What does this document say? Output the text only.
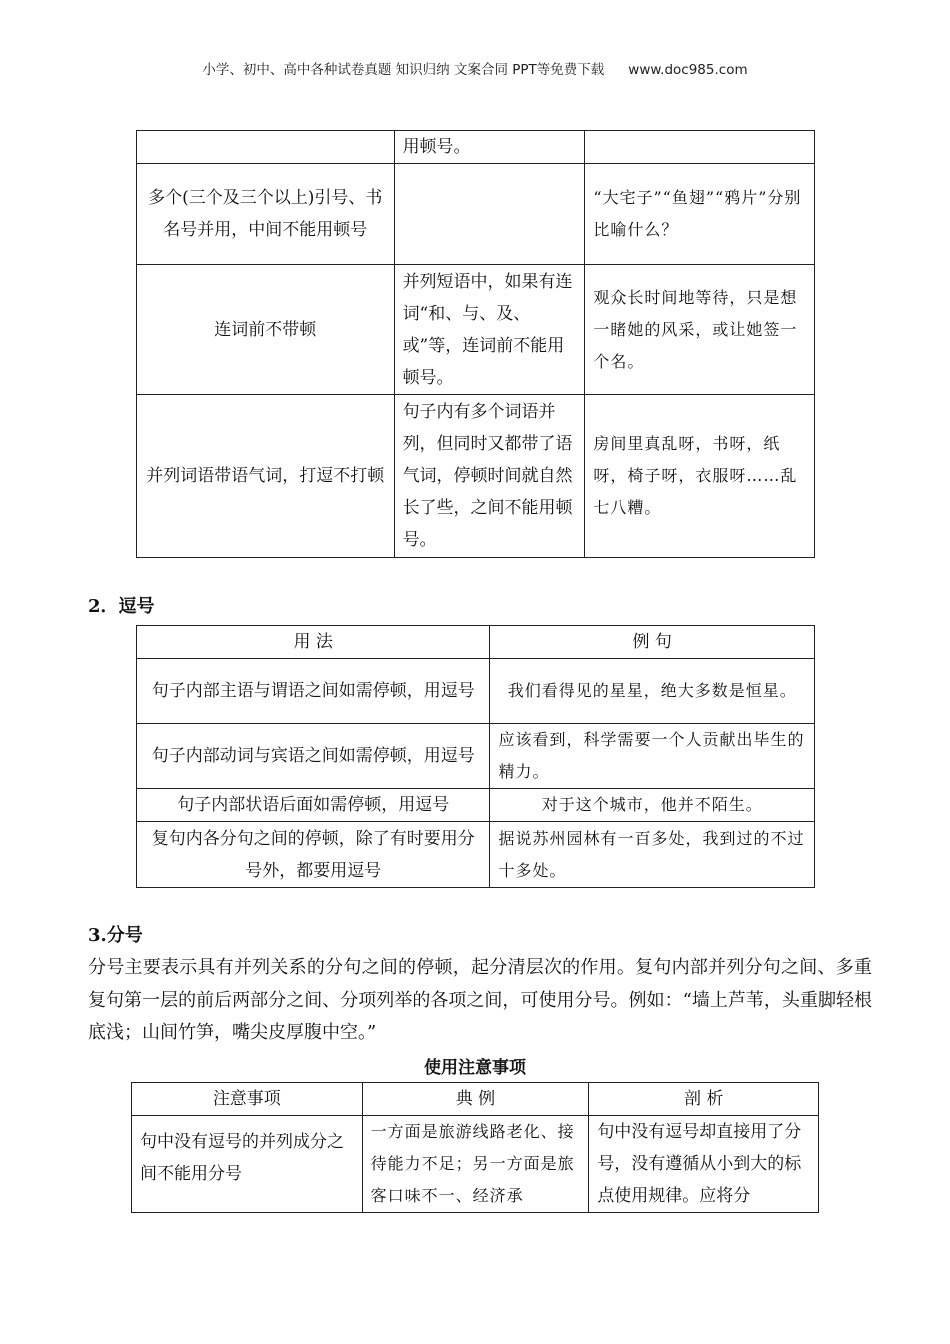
小学、初中、高中各种试卷真题 知识归纳 文案合同 PPT等免费下载 www.doc985.com
	用顿号。	
多个(三个及三个以上)引号、书名号并用，中间不能用顿号		“大宅子”“鱼翅”“鸦片”分别比喻什么？
连词前不带顿	并列短语中，如果有连词“和、与、及、或”等，连词前不能用顿号。	观众长时间地等待，只是想一睹她的风采，或让她签一个名。
并列词语带语气词，打逗不打顿	句子内有多个词语并列，但同时又都带了语气词，停顿时间就自然长了些，之间不能用顿号。	房间里真乱呀，书呀，纸呀，椅子呀，衣服呀……乱七八糟。
2．逗号
用 法	例 句
句子内部主语与谓语之间如需停顿，用逗号	我们看得见的星星，绝大多数是恒星。
句子内部动词与宾语之间如需停顿，用逗号	应该看到，科学需要一个人贡献出毕生的精力。
句子内部状语后面如需停顿，用逗号	对于这个城市，他并不陌生。
复句内各分句之间的停顿，除了有时要用分号外，都要用逗号	据说苏州园林有一百多处，我到过的不过十多处。
3.分号
分号主要表示具有并列关系的分句之间的停顿，起分清层次的作用。复句内部并列分句之间、多重复句第一层的前后两部分之间、分项列举的各项之间，可使用分号。例如：“墙上芦苇，头重脚轻根底浅；山间竹笋，嘴尖皮厚腹中空。”
使用注意事项
注意事项	典 例	剖 析
句中没有逗号的并列成分之间不能用分号	一方面是旅游线路老化、接待能力不足；另一方面是旅客口味不一、经济承	句中没有逗号却直接用了分号，没有遵循从小到大的标点使用规律。应将分
